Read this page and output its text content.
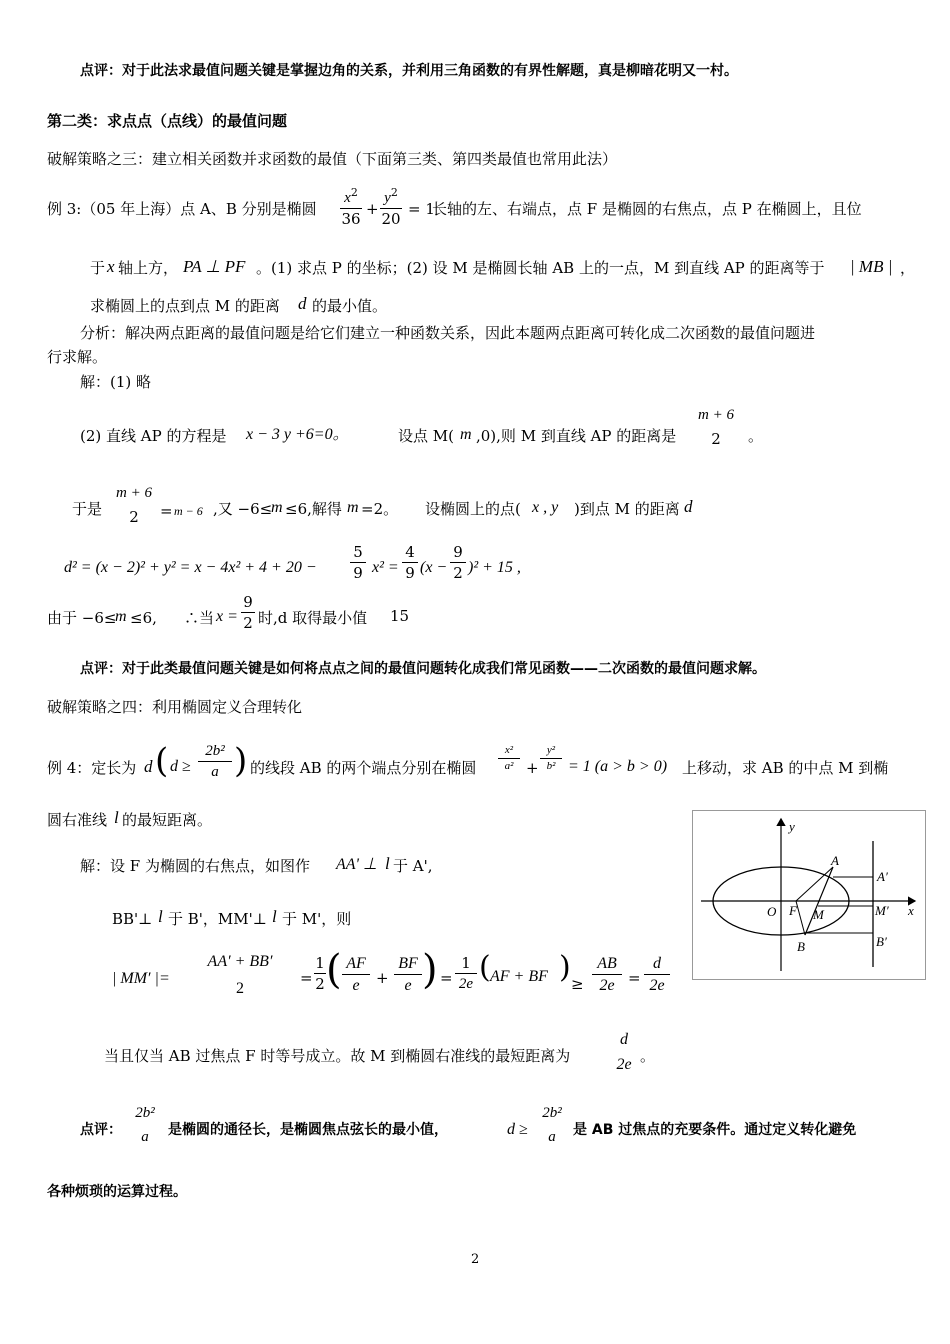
点评：对于此法求最值问题关键是掌握边角的关系，并利用三角函数的有界性解题，真是柳暗花明又一村。
第二类：求点点（点线）的最值问题
破解策略之三：建立相关函数并求函数的最值（下面第三类、第四类最值也常用此法）
例 3:（05 年上海）点 A、B 分别是椭圆
$x^2$
36
+
$y^2$
20
= 1
长轴的左、右端点，点 F 是椭圆的右焦点，点 P 在椭圆上，且位
于 x 轴上方， PA ⊥ PF 。(1) 求点 P 的坐标；(2) 设 M 是椭圆长轴 AB 上的一点，M 到直线 AP 的距离等于 | MB | ，
求椭圆上的点到点 M 的距离 d 的最小值。
分析：解决两点距离的最值问题是给它们建立一种函数关系，因此本题两点距离可转化成二次函数的最值问题进
行求解。
解：(1) 略
(2) 直线 AP 的方程是 x − 3 y +6=0。	设点 M( m ,0),则 M 到直线 AP 的距离是
m + 6
2	。
于是
m + 6
2	= m − 6 ,又 −6≤
m ≤6,解得 m =2。 设椭圆上的点( x , y )到点 M 的距离 d
d² = (x − 2)² + y² = x − 4x² + 4 + 20 −
5
9 x² =
4
9 (x −
9
2 )² + 15 ,
由于 −6≤
m ≤6, ∴当 x =
9
2 时,d 取得最小值 15
点评：对于此类最值问题关键是如何将点点之间的最值问题转化成我们常见函数——二次函数的最值问题求解。
破解策略之四：利用椭圆定义合理转化
例 4：定长为 d ( d ≥
2b²
a ) 的线段 AB 的两个端点分别在椭圆
x²
a² +
y²
b² = 1 (a > b > 0) 上移动，求 AB 的中点 M 到椭
圆右准线 l 的最短距离。	y
x
O F M
A
B
A′
M′
B′
解：设 F 为椭圆的右焦点，如图作 AA' ⊥ l 于 A',
BB'⊥ l 于 B'，MM'⊥ l 于 M'，则
| MM′ |=
AA′ + BB′
2
=
1
2 ( AF
e	+
BF
e ) =
1
2e ( AF + BF ) ≥
AB
2e =
d
2e
当且仅当 AB 过焦点 F 时等号成立。故 M 到椭圆右准线的最短距离为
d
2e 。
点评：
2b²
a	是椭圆的通径长，是椭圆焦点弦长的最小值，	d ≥
2b²
a	是 AB 过焦点的充要条件。通过定义转化避免
各种烦琐的运算过程。
2
